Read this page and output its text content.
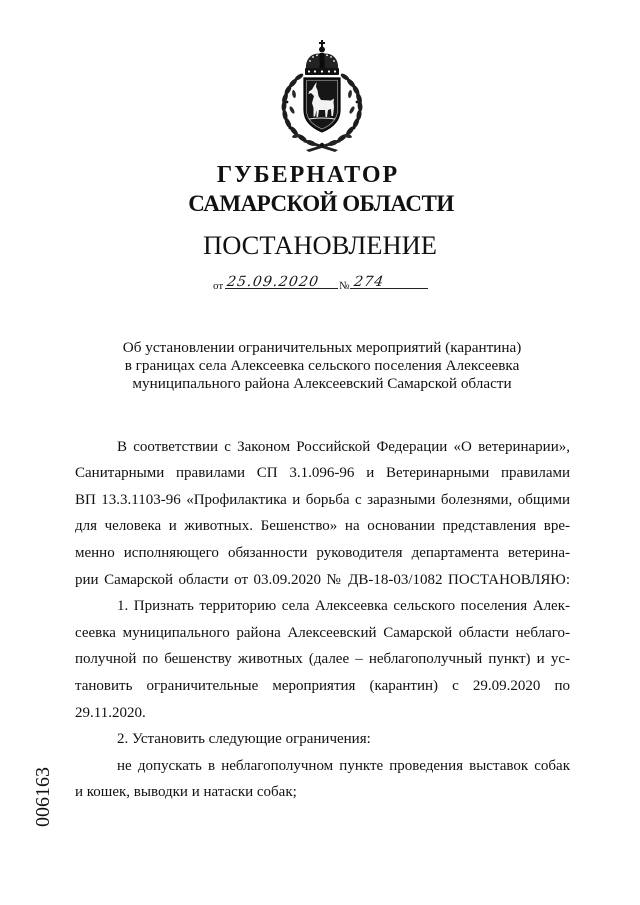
ГУБЕРНАТОР
САМАРСКОЙ ОБЛАСТИ
ПОСТАНОВЛЕНИЕ
от 25.09.2020	№ 274
Об установлении ограничительных мероприятий (карантина)
в границах села Алексеевка сельского поселения Алексеевка
муниципального района Алексеевский Самарской области
В соответствии с Законом Российской Федерации «О ветеринарии»,
Санитарными правилами СП 3.1.096-96 и Ветеринарными правилами
ВП 13.3.1103-96 «Профилактика и борьба с заразными болезнями, общими
для человека и животных. Бешенство» на основании представления вре-
менно исполняющего обязанности руководителя департамента ветерина-
рии Самарской области от 03.09.2020 № ДВ-18-03/1082 ПОСТАНОВЛЯЮ:
1. Признать территорию села Алексеевка сельского поселения Алек-
сеевка муниципального района Алексеевский Самарской области неблаго-
получной по бешенству животных (далее – неблагополучный пункт) и ус-
тановить ограничительные мероприятия (карантин) с 29.09.2020 по
29.11.2020.
2. Установить следующие ограничения:
не допускать в неблагополучном пункте проведения выставок собак
и кошек, выводки и натаски собак;
006163
